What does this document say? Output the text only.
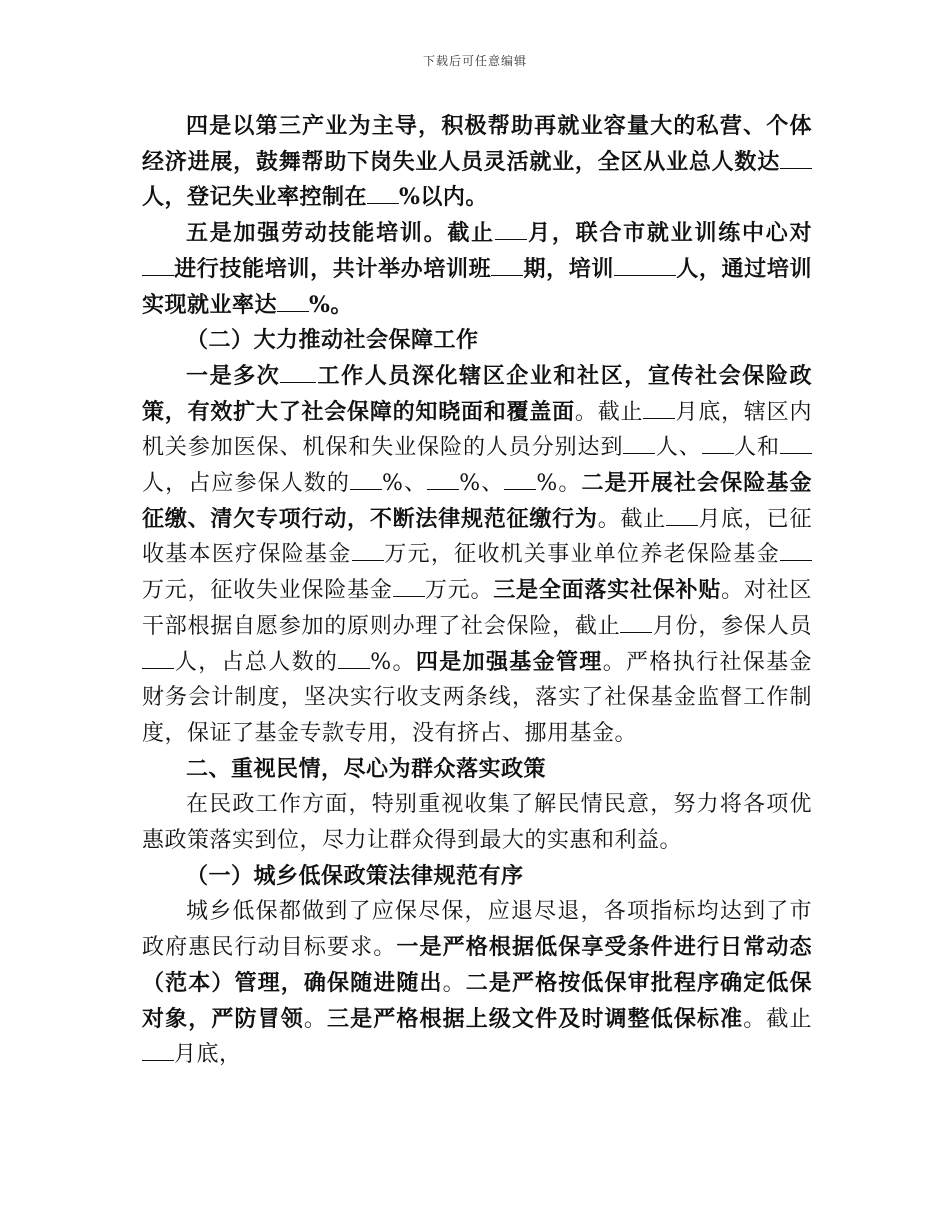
下载后可任意编辑

四是以第三产业为主导，积极帮助再就业容量大的私营、个体经济进展，鼓舞帮助下岗失业人员灵活就业，全区从业总人数达人，登记失业率控制在 %以内。

五是加强劳动技能培训。截止 月，联合市就业训练中心对进行技能培训，共计举办培训班 期，培训	人，通过培训实现就业率达 %。

（二）大力推动社会保障工作

一是多次 工作人员深化辖区企业和社区，宣传社会保险政策，有效扩大了社会保障的知晓面和覆盖面。截止 月底，辖区内机关参加医保、机保和失业保险的人员分别达到 人、 人和人，占应参保人数的 %、 %、 %。二是开展社会保险基金征缴、清欠专项行动，不断法律规范征缴行为。截止 月底，已征收基本医疗保险基金 万元，征收机关事业单位养老保险基金万元，征收失业保险基金 万元。三是全面落实社保补贴。对社区干部根据自愿参加的原则办理了社会保险，截止 月份，参保人员人，占总人数的 %。四是加强基金管理。严格执行社保基金财务会计制度，坚决实行收支两条线，落实了社保基金监督工作制度，保证了基金专款专用，没有挤占、挪用基金。

二、重视民情，尽心为群众落实政策

在民政工作方面，特别重视收集了解民情民意，努力将各项优惠政策落实到位，尽力让群众得到最大的实惠和利益。

（一）城乡低保政策法律规范有序

城乡低保都做到了应保尽保，应退尽退，各项指标均达到了市政府惠民行动目标要求。一是严格根据低保享受条件进行日常动态（范本）管理，确保随进随出。二是严格按低保审批程序确定低保对象，严防冒领。三是严格根据上级文件及时调整低保标准。截止月底，
